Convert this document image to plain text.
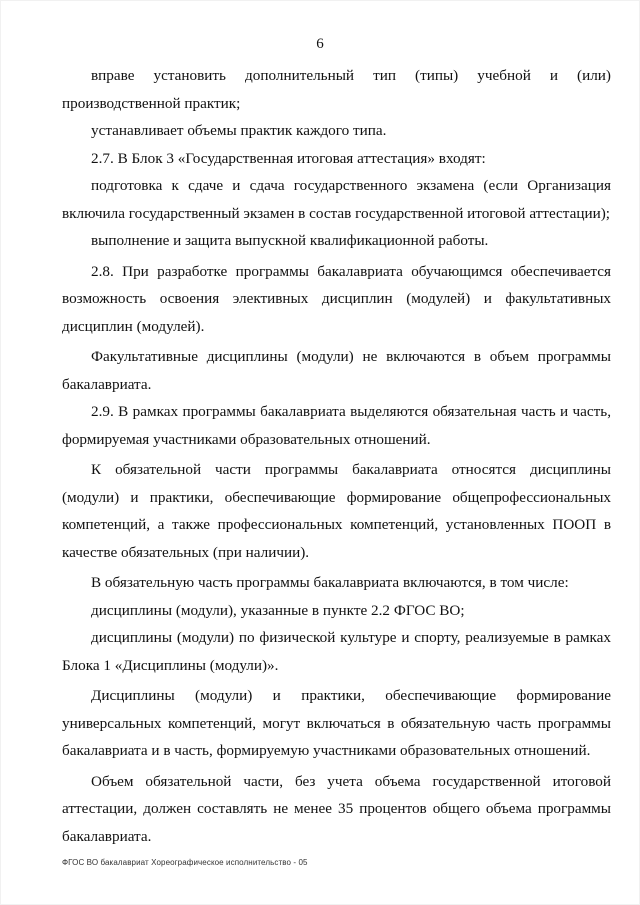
6

вправе установить дополнительный тип (типы) учебной и (или) производственной практик;

устанавливает объемы практик каждого типа.

2.7. В Блок 3 «Государственная итоговая аттестация» входят:

подготовка к сдаче и сдача государственного экзамена (если Организация включила государственный экзамен в состав государственной итоговой аттестации);

выполнение и защита выпускной квалификационной работы.

2.8. При разработке программы бакалавриата обучающимся обеспечивается возможность освоения элективных дисциплин (модулей) и факультативных дисциплин (модулей).

Факультативные дисциплины (модули) не включаются в объем программы бакалавриата.

2.9. В рамках программы бакалавриата выделяются обязательная часть и часть, формируемая участниками образовательных отношений.

К обязательной части программы бакалавриата относятся дисциплины (модули) и практики, обеспечивающие формирование общепрофессиональных компетенций, а также профессиональных компетенций, установленных ПООП в качестве обязательных (при наличии).

В обязательную часть программы бакалавриата включаются, в том числе:

дисциплины (модули), указанные в пункте 2.2 ФГОС ВО;

дисциплины (модули) по физической культуре и спорту, реализуемые в рамках Блока 1 «Дисциплины (модули)».

Дисциплины (модули) и практики, обеспечивающие формирование универсальных компетенций, могут включаться в обязательную часть программы бакалавриата и в часть, формируемую участниками образовательных отношений.

Объем обязательной части, без учета объема государственной итоговой аттестации, должен составлять не менее 35 процентов общего объема программы бакалавриата.

ФГОС ВО бакалавриат Хореографическое исполнительство - 05
